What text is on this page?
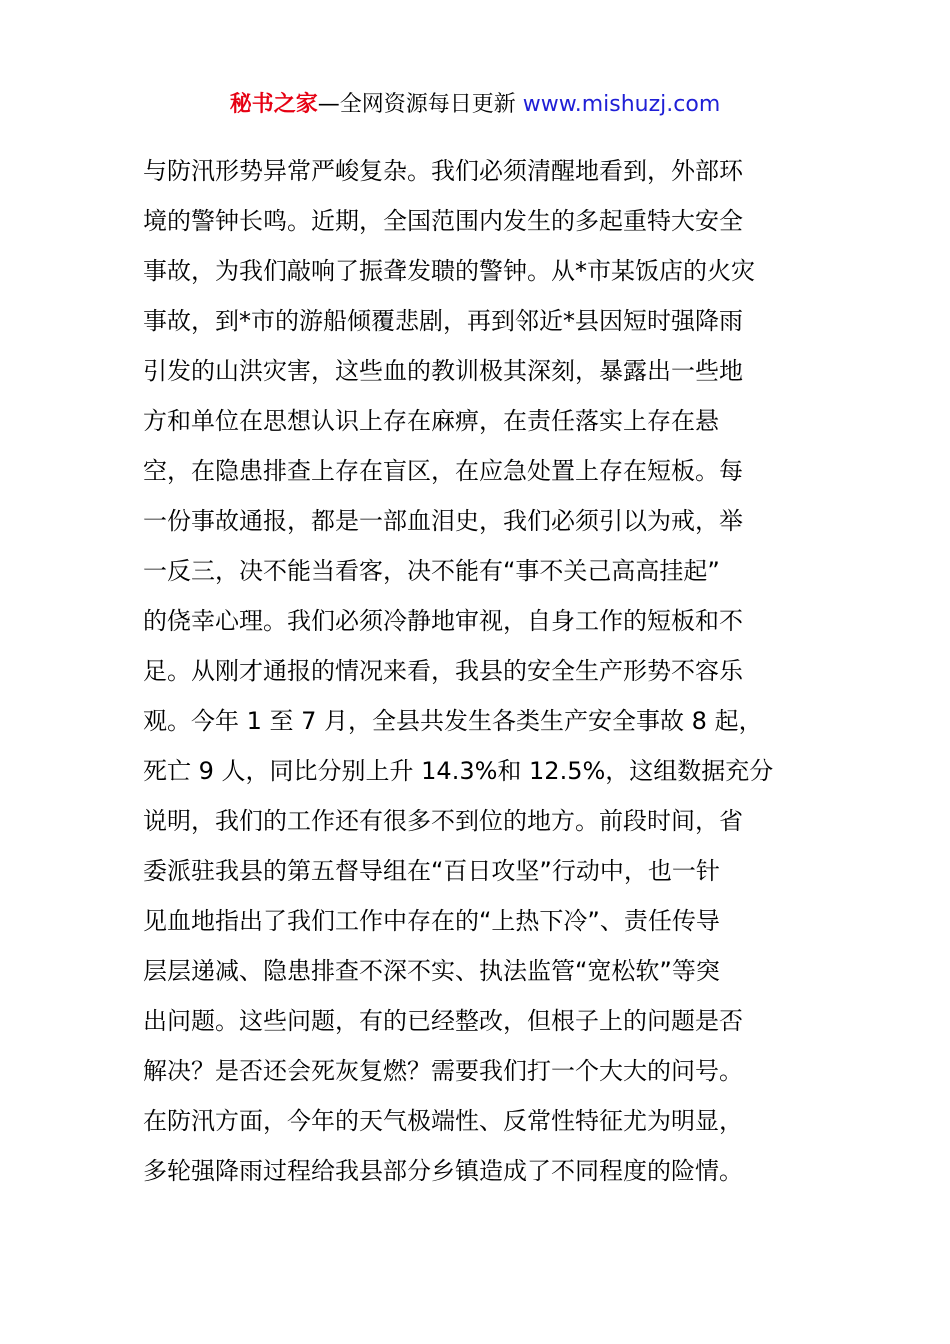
秘书之家—全网资源每日更新 www.mishuzj.com
与防汛形势异常严峻复杂。我们必须清醒地看到，外部环
境的警钟长鸣。近期，全国范围内发生的多起重特大安全
事故，为我们敲响了振聋发聩的警钟。从*市某饭店的火灾
事故，到*市的游船倾覆悲剧，再到邻近*县因短时强降雨
引发的山洪灾害，这些血的教训极其深刻，暴露出一些地
方和单位在思想认识上存在麻痹，在责任落实上存在悬
空，在隐患排查上存在盲区，在应急处置上存在短板。每
一份事故通报，都是一部血泪史，我们必须引以为戒，举
一反三，决不能当看客，决不能有“事不关己高高挂起”
的侥幸心理。我们必须冷静地审视，自身工作的短板和不
足。从刚才通报的情况来看，我县的安全生产形势不容乐
观。今年 1 至 7 月，全县共发生各类生产安全事故 8 起，
死亡 9 人，同比分别上升 14.3%和 12.5%，这组数据充分
说明，我们的工作还有很多不到位的地方。前段时间，省
委派驻我县的第五督导组在“百日攻坚”行动中，也一针
见血地指出了我们工作中存在的“上热下冷”、责任传导
层层递减、隐患排查不深不实、执法监管“宽松软”等突
出问题。这些问题，有的已经整改，但根子上的问题是否
解决？是否还会死灰复燃？需要我们打一个大大的问号。
在防汛方面，今年的天气极端性、反常性特征尤为明显，
多轮强降雨过程给我县部分乡镇造成了不同程度的险情。
